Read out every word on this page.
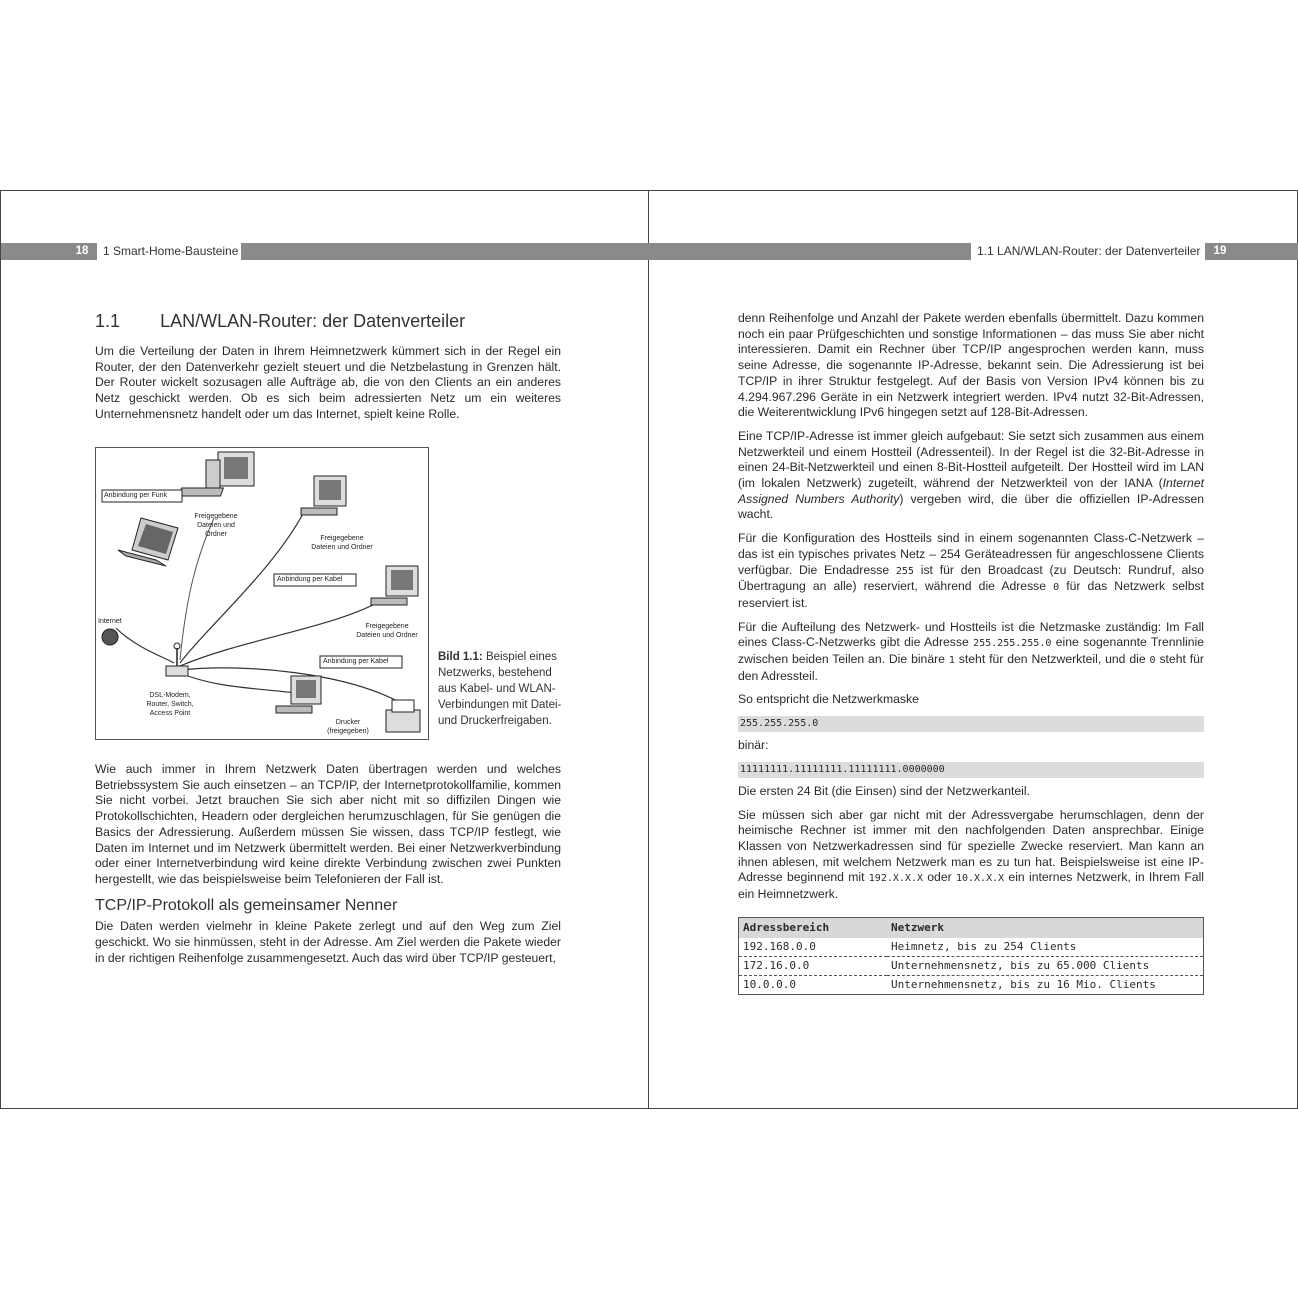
18	1 Smart-Home-Bausteine
1.1 LAN/WLAN-Router: der Datenverteiler

Um die Verteilung der Daten in Ihrem Heimnetzwerk kümmert sich in der Regel ein Router, der den Datenverkehr gezielt steuert und die Netzbelastung in Grenzen hält. Der Router wickelt sozusagen alle Aufträge ab, die von den Clients an ein anderes Netz geschickt werden. Ob es sich beim adressierten Netz um ein weiteres Unternehmensnetz handelt oder um das Internet, spielt keine Rolle.

Anbindung per Funk
Anbindung per Kabel
Anbindung per Kabel
Freigegebene
Dateien und Ordner
Freigegebene
Dateien und Ordner
Freigegebene
Dateien und Ordner
Internet
DSL-Modem,
Router, Switch,
Access Point
Drucker
(freigegeben)
Bild 1.1: Beispiel eines Netzwerks, bestehend aus Kabel- und WLAN-Verbindungen mit Datei- und Druckerfreigaben.

Wie auch immer in Ihrem Netzwerk Daten übertragen werden und welches Betriebssystem Sie auch einsetzen – an TCP/IP, der Internetprotokollfamilie, kommen Sie nicht vorbei. Jetzt brauchen Sie sich aber nicht mit so diffizilen Dingen wie Protokollschichten, Headern oder dergleichen herumzuschlagen, für Sie genügen die Basics der Adressierung. Außerdem müssen Sie wissen, dass TCP/IP festlegt, wie Daten im Internet und im Netzwerk übermittelt werden. Bei einer Netzwerkverbindung oder einer Internetverbindung wird keine direkte Verbindung zwischen zwei Punkten hergestellt, wie das beispielsweise beim Telefonieren der Fall ist.

TCP/IP-Protokoll als gemeinsamer Nenner

Die Daten werden vielmehr in kleine Pakete zerlegt und auf den Weg zum Ziel geschickt. Wo sie hinmüssen, steht in der Adresse. Am Ziel werden die Pakete wieder in der richtigen Reihenfolge zusammengesetzt. Auch das wird über TCP/IP gesteuert,

1.1 LAN/WLAN-Router: der Datenverteiler	19

denn Reihenfolge und Anzahl der Pakete werden ebenfalls übermittelt. Dazu kommen noch ein paar Prüfgeschichten und sonstige Informationen – das muss Sie aber nicht interessieren. Damit ein Rechner über TCP/IP angesprochen werden kann, muss seine Adresse, die sogenannte IP-Adresse, bekannt sein. Die Adressierung ist bei TCP/IP in ihrer Struktur festgelegt. Auf der Basis von Version IPv4 können bis zu 4.294.967.296 Geräte in ein Netzwerk integriert werden. IPv4 nutzt 32-Bit-Adressen, die Weiterentwicklung IPv6 hingegen setzt auf 128-Bit-Adressen.

Eine TCP/IP-Adresse ist immer gleich aufgebaut: Sie setzt sich zusammen aus einem Netzwerkteil und einem Hostteil (Adressenteil). In der Regel ist die 32-Bit-Adresse in einen 24-Bit-Netzwerkteil und einen 8-Bit-Hostteil aufgeteilt. Der Hostteil wird im LAN (im lokalen Netzwerk) zugeteilt, während der Netzwerkteil von der IANA (Internet Assigned Numbers Authority) vergeben wird, die über die offiziellen IP-Adressen wacht.

Für die Konfiguration des Hostteils sind in einem sogenannten Class-C-Netzwerk – das ist ein typisches privates Netz – 254 Geräteadressen für angeschlossene Clients verfügbar. Die Endadresse 255 ist für den Broadcast (zu Deutsch: Rundruf, also Übertragung an alle) reserviert, während die Adresse 0 für das Netzwerk selbst reserviert ist.

Für die Aufteilung des Netzwerk- und Hostteils ist die Netzmaske zuständig: Im Fall eines Class-C-Netzwerks gibt die Adresse 255.255.255.0 eine sogenannte Trennlinie zwischen beiden Teilen an. Die binäre 1 steht für den Netzwerkteil, und die 0 steht für den Adressteil.

So entspricht die Netzwerkmaske

255.255.255.0

binär:

11111111.11111111.11111111.0000000

Die ersten 24 Bit (die Einsen) sind der Netzwerkanteil.

Sie müssen sich aber gar nicht mit der Adressvergabe herumschlagen, denn der heimische Rechner ist immer mit den nachfolgenden Daten ansprechbar. Einige Klassen von Netzwerkadressen sind für spezielle Zwecke reserviert. Man kann an ihnen ablesen, mit welchem Netzwerk man es zu tun hat. Beispielsweise ist eine IP-Adresse beginnend mit 192.X.X.X oder 10.X.X.X ein internes Netzwerk, in Ihrem Fall ein Heimnetzwerk.

Adressbereich	Netzwerk
192.168.0.0	Heimnetz, bis zu 254 Clients
172.16.0.0	Unternehmensnetz, bis zu 65.000 Clients
10.0.0.0	Unternehmensnetz, bis zu 16 Mio. Clients
